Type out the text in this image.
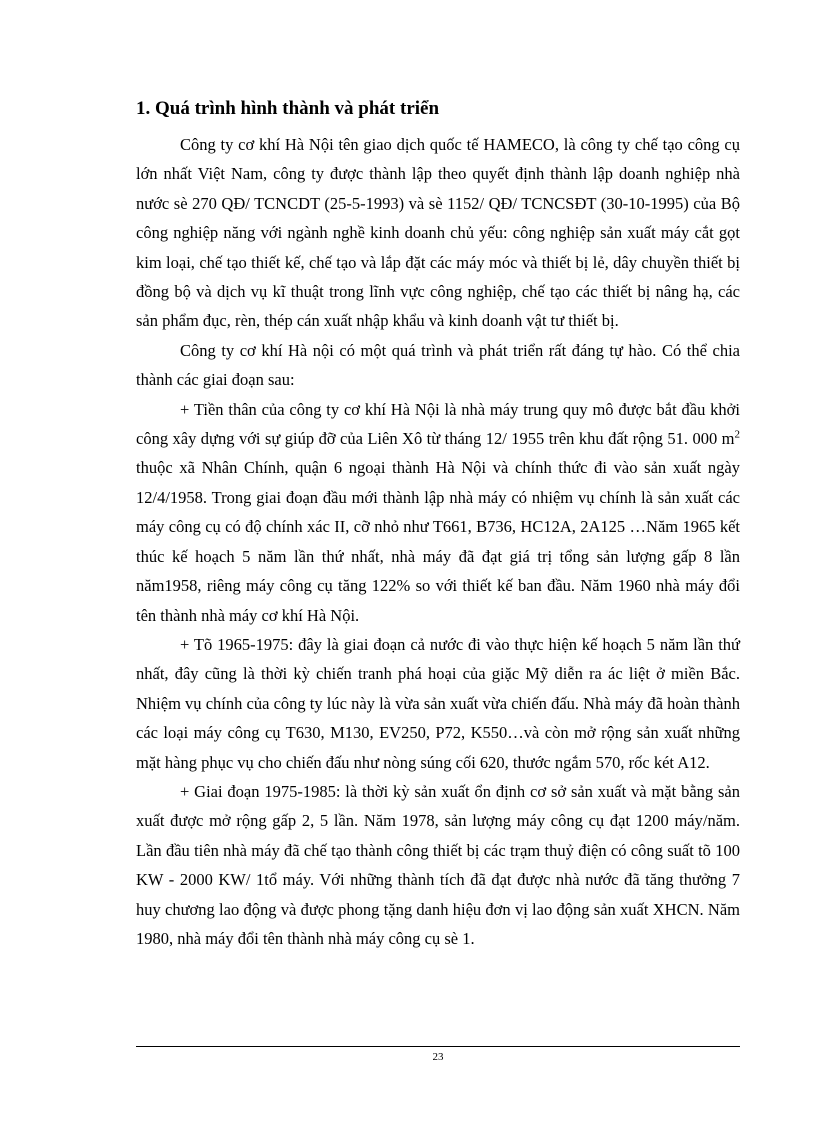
1. Quá trình hình thành và phát triển

Công ty cơ khí Hà Nội tên giao dịch quốc tế HAMECO, là công ty chế tạo công cụ lớn nhất Việt Nam, công ty được thành lập theo quyết định thành lập doanh nghiệp nhà nước sè 270 QĐ/ TCNCDT (25-5-1993) và sè 1152/ QĐ/ TCNCSĐT (30-10-1995) của Bộ công nghiệp năng với ngành nghề kinh doanh chủ yếu: công nghiệp sản xuất máy cắt gọt kim loại, chế tạo thiết kế, chế tạo và lắp đặt các máy móc và thiết bị lẻ, dây chuyền thiết bị đồng bộ và dịch vụ kĩ thuật trong lĩnh vực công nghiệp, chế tạo các thiết bị nâng hạ, các sản phẩm đục, rèn, thép cán xuất nhập khẩu và kinh doanh vật tư thiết bị.

Công ty cơ khí Hà nội có một quá trình và phát triển rất đáng tự hào. Có thể chia thành các giai đoạn sau:

+ Tiền thân của công ty cơ khí Hà Nội là nhà máy trung quy mô được bắt đầu khởi công xây dựng với sự giúp đỡ của Liên Xô từ tháng 12/ 1955 trên khu đất rộng 51. 000 $m^2$ thuộc xã Nhân Chính, quận 6 ngoại thành Hà Nội và chính thức đi vào sản xuất ngày 12/4/1958. Trong giai đoạn đầu mới thành lập nhà máy có nhiệm vụ chính là sản xuất các máy công cụ có độ chính xác II, cỡ nhỏ như T661, B736, HC12A, 2A125 …Năm 1965 kết thúc kế hoạch 5 năm lần thứ nhất, nhà máy đã đạt giá trị tổng sản lượng gấp 8 lần năm1958, riêng máy công cụ tăng 122% so với thiết kế ban đầu. Năm 1960 nhà máy đổi tên thành nhà máy cơ khí Hà Nội.

+ Tõ 1965-1975: đây là giai đoạn cả nước đi vào thực hiện kế hoạch 5 năm lần thứ nhất, đây cũng là thời kỳ chiến tranh phá hoại của giặc Mỹ diễn ra ác liệt ở miền Bắc. Nhiệm vụ chính của công ty lúc này là vừa sản xuất vừa chiến đấu. Nhà máy đã hoàn thành các loại máy công cụ T630, M130, EV250, P72, K550…và còn mở rộng sản xuất những mặt hàng phục vụ cho chiến đấu như nòng súng cối 620, thước ngắm 570, rốc két A12.

+ Giai đoạn 1975-1985: là thời kỳ sản xuất ổn định cơ sở sản xuất và mặt bằng sản xuất được mở rộng gấp 2, 5 lần. Năm 1978, sản lượng máy công cụ đạt 1200 máy/năm. Lần đầu tiên nhà máy đã chế tạo thành công thiết bị các trạm thuỷ điện có công suất tõ 100 KW - 2000 KW/ 1tổ máy. Với những thành tích đã đạt được nhà nước đã tăng thưởng 7 huy chương lao động và được phong tặng danh hiệu đơn vị lao động sản xuất XHCN. Năm 1980, nhà máy đổi tên thành nhà máy công cụ sè 1.

23
